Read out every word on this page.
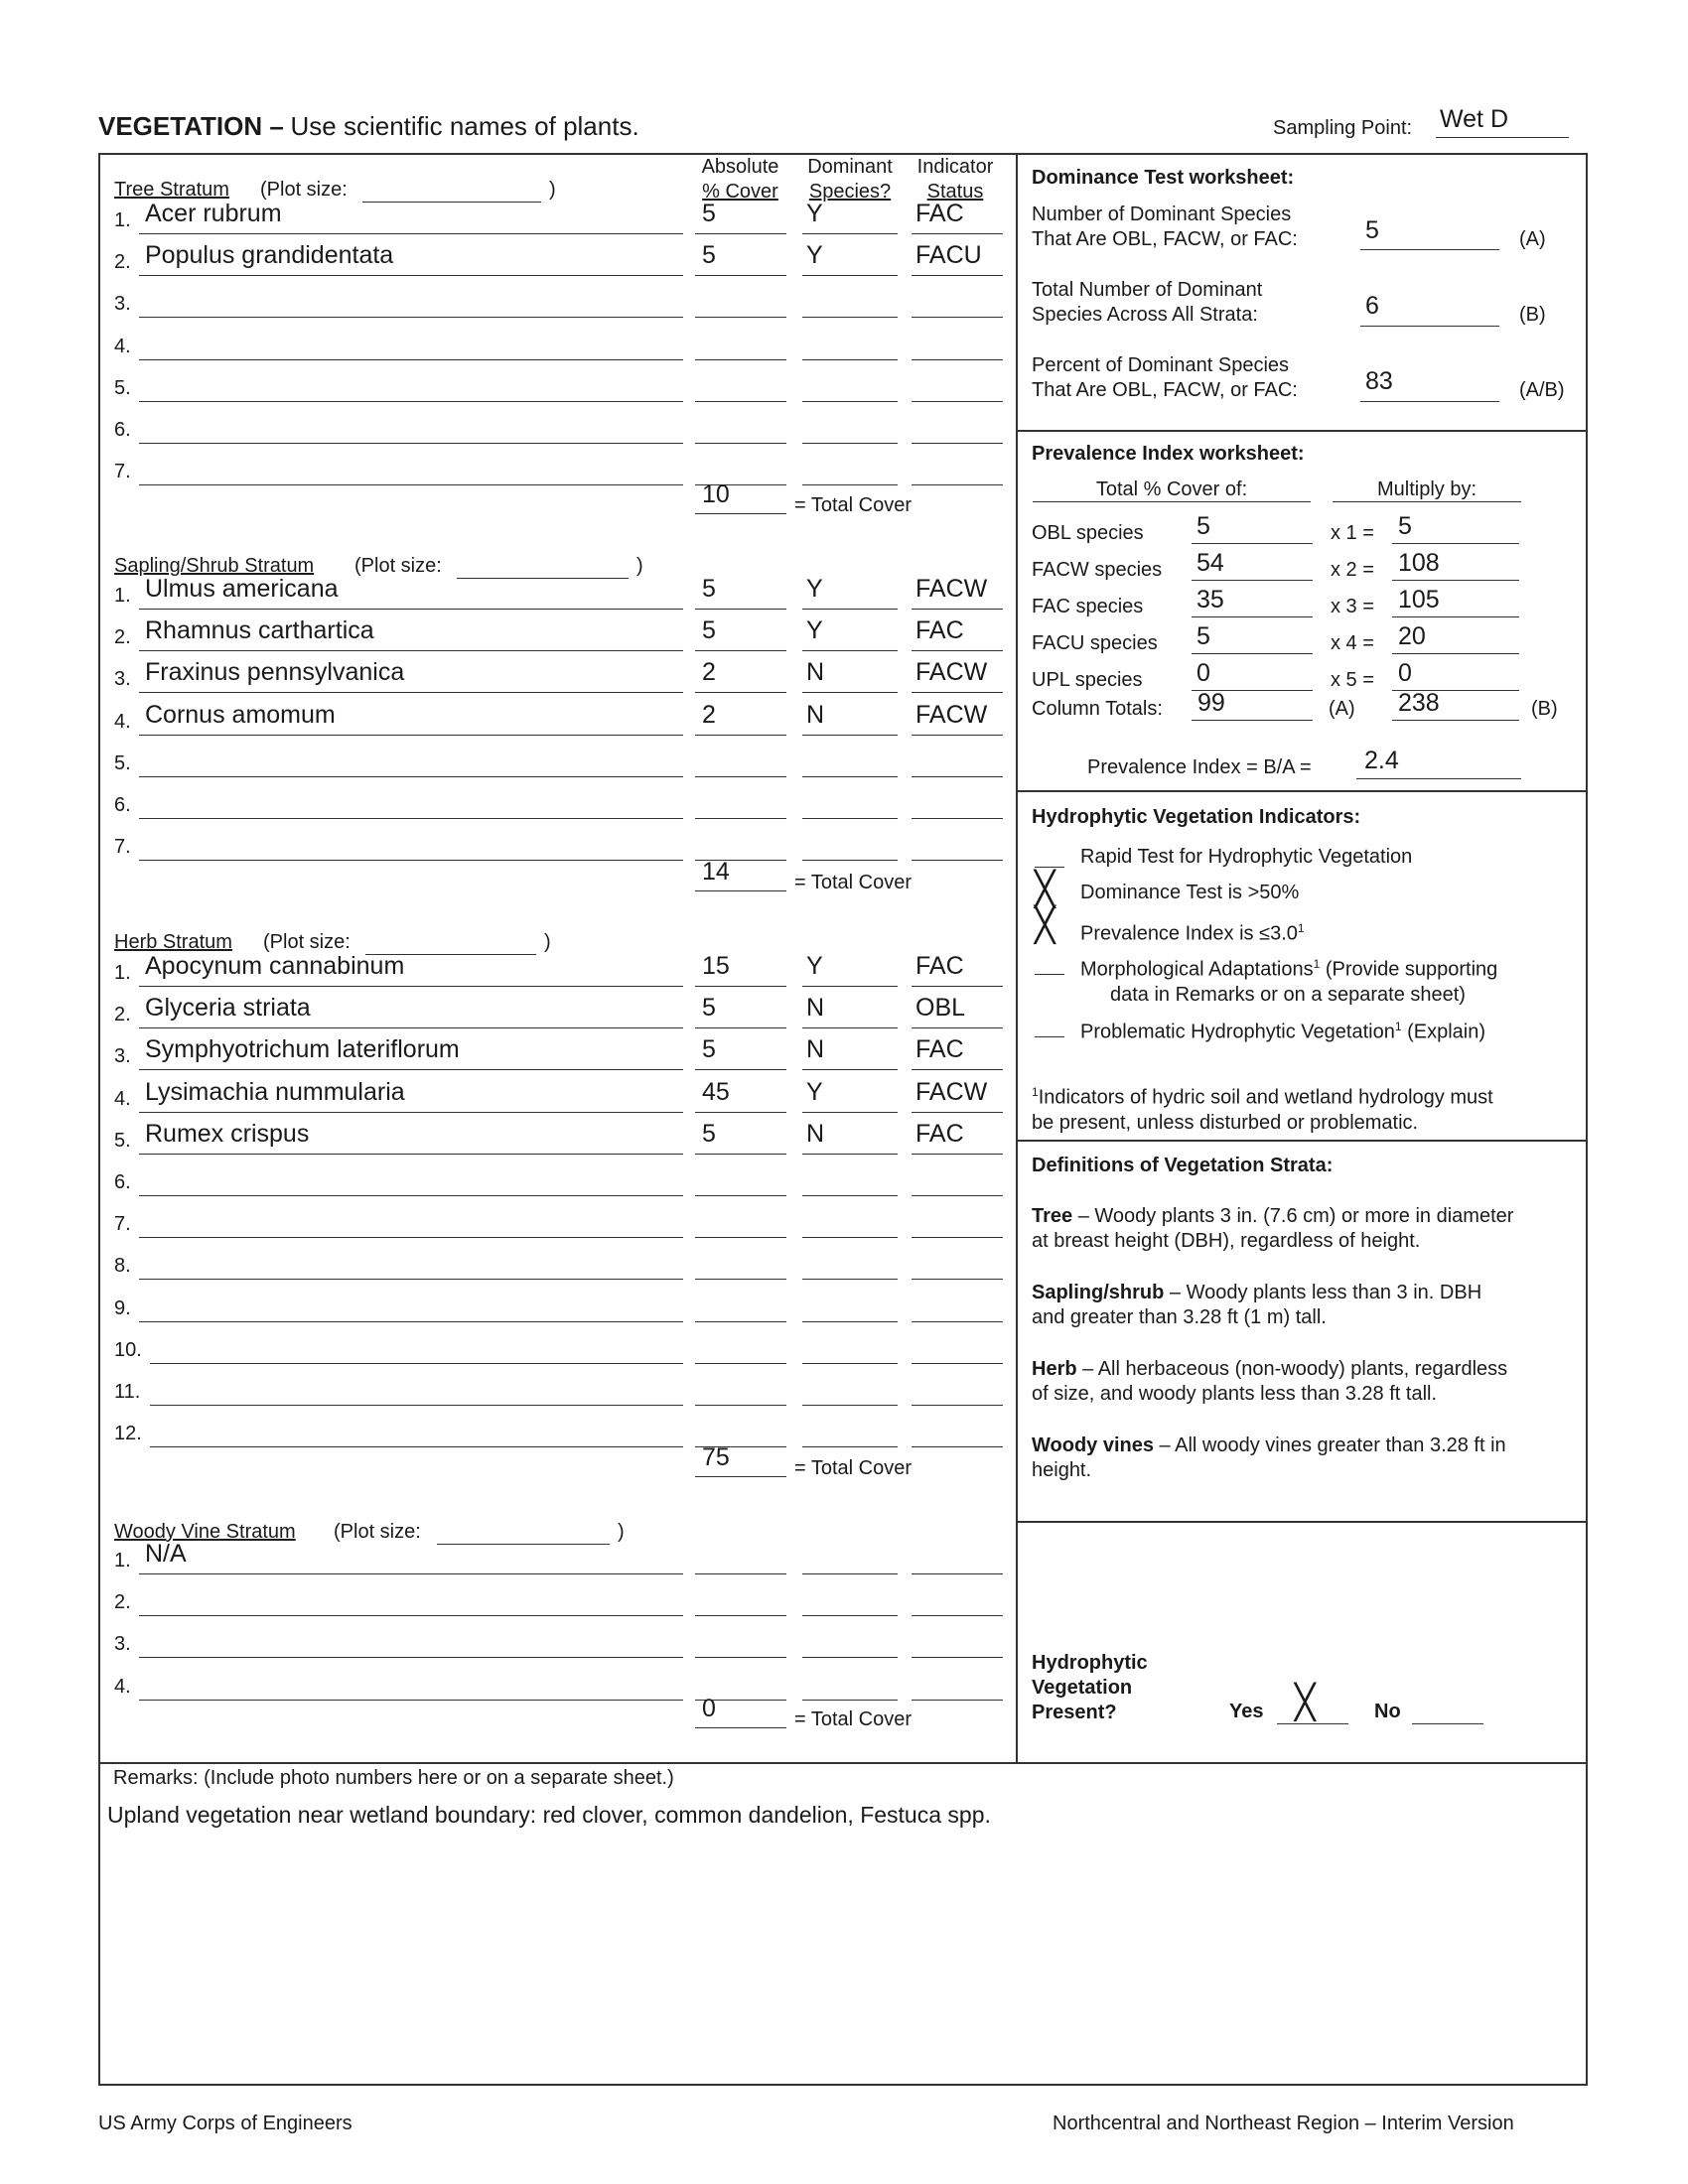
VEGETATION – Use scientific names of plants.	Sampling Point: Wet D
Absolute
% Cover
Dominant
Species?
Indicator
Status
Tree Stratum (Plot size:	)
1. Acer rubrum	5	Y	FAC
2. Populus grandidentata	5	Y	FACU
3.
4.
5.
6.
7.
10	= Total Cover
Sapling/Shrub Stratum (Plot size:	)
1. Ulmus americana	5	Y	FACW
2. Rhamnus carthartica	5	Y	FAC
3. Fraxinus pennsylvanica	2	N	FACW
4. Cornus amomum	2	N	FACW
5.
6.
7.
14	= Total Cover
Herb Stratum (Plot size:	)
1. Apocynum cannabinum	15	Y	FAC
2. Glyceria striata	5	N	OBL
3. Symphyotrichum lateriflorum	5	N	FAC
4. Lysimachia nummularia	45	Y	FACW
5. Rumex crispus	5	N	FAC
6.
7.
8.
9.
10.
11.
12.
75	= Total Cover
Woody Vine Stratum (Plot size:	)
1. N/A
2.
3.
4.
0	= Total Cover
Dominance Test worksheet:
Number of Dominant Species
That Are OBL, FACW, or FAC:	5	(A)
Total Number of Dominant
Species Across All Strata:	6	(B)
Percent of Dominant Species
That Are OBL, FACW, or FAC:	83	(A/B)
Prevalence Index worksheet:
Total % Cover of:	Multiply by:
OBL species 5	x 1 = 5
FACW species 54	x 2 = 108
FAC species 35	x 3 = 105
FACU species 5	x 4 = 20
UPL species 0	x 5 = 0
Column Totals: 99	(A) 238	(B)
Prevalence Index = B/A = 2.4
Hydrophytic Vegetation Indicators:
Rapid Test for Hydrophytic Vegetation
╳ Dominance Test is >50%
╳ Prevalence Index is $\le 3.0^1$
Morphological Adaptations$^1$ (Provide supporting
data in Remarks or on a separate sheet)
Problematic Hydrophytic Vegetation$^1$ (Explain)
$^1$Indicators of hydric soil and wetland hydrology must
be present, unless disturbed or problematic.
Definitions of Vegetation Strata:
Tree – Woody plants 3 in. (7.6 cm) or more in diameter
at breast height (DBH), regardless of height.
Sapling/shrub – Woody plants less than 3 in. DBH
and greater than 3.28 ft (1 m) tall.
Herb – All herbaceous (non-woody) plants, regardless
of size, and woody plants less than 3.28 ft tall.
Woody vines – All woody vines greater than 3.28 ft in
height.
Hydrophytic
Vegetation
Present?	Yes ╳	No
Remarks: (Include photo numbers here or on a separate sheet.)
Upland vegetation near wetland boundary: red clover, common dandelion, Festuca spp.
US Army Corps of Engineers	Northcentral and Northeast Region – Interim Version
